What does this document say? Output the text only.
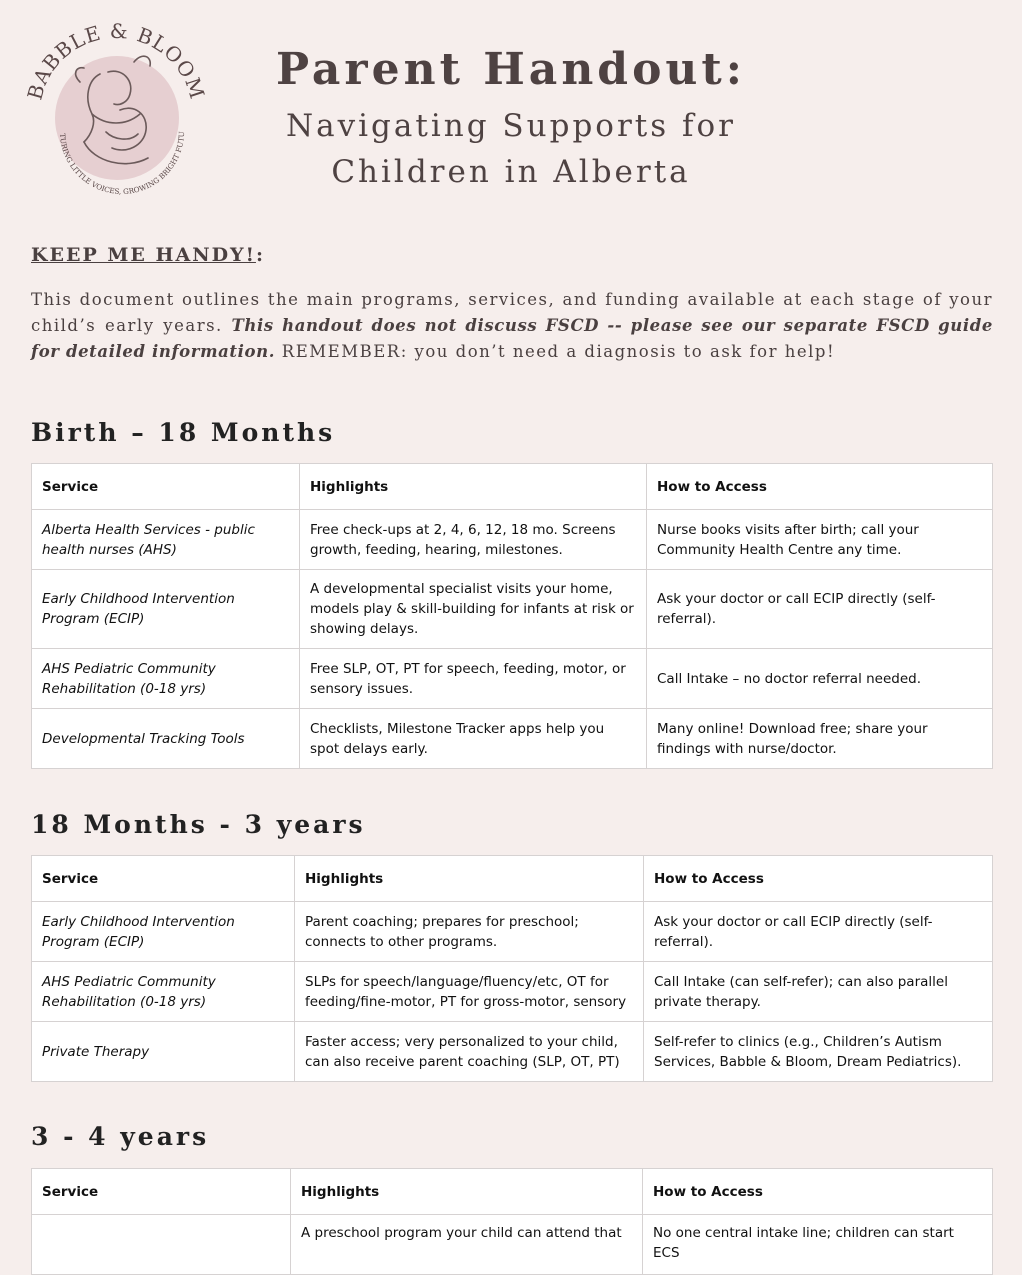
BABBLE & BLOOM
TURING LITTLE VOICES, GROWING BRIGHT FUTU
Parent Handout:
Navigating Supports for
Children in Alberta
KEEP ME HANDY!:
This document outlines the main programs, services, and funding available at each stage of your child’s early years. This handout does not discuss FSCD -- please see our separate FSCD guide for detailed information. REMEMBER: you don’t need a diagnosis to ask for help!
Birth – 18 Months
Service	Highlights	How to Access
Alberta Health Services - public health nurses (AHS)	Free check-ups at 2, 4, 6, 12, 18 mo. Screens growth, feeding, hearing, milestones.	Nurse books visits after birth; call your Community Health Centre any time.
Early Childhood Intervention Program (ECIP)	A developmental specialist visits your home, models play & skill-building for infants at risk or showing delays.	Ask your doctor or call ECIP directly (self-referral).
AHS Pediatric Community Rehabilitation (0-18 yrs)	Free SLP, OT, PT for speech, feeding, motor, or sensory issues.	Call Intake – no doctor referral needed.
Developmental Tracking Tools	Checklists, Milestone Tracker apps help you spot delays early.	Many online! Download free; share your findings with nurse/doctor.
18 Months - 3 years
Service	Highlights	How to Access
Early Childhood Intervention Program (ECIP)	Parent coaching; prepares for preschool; connects to other programs.	Ask your doctor or call ECIP directly (self-referral).
AHS Pediatric Community Rehabilitation (0-18 yrs)	SLPs for speech/language/fluency/etc, OT for feeding/fine-motor, PT for gross-motor, sensory	Call Intake (can self-refer); can also parallel private therapy.
Private Therapy	Faster access; very personalized to your child, can also receive parent coaching (SLP, OT, PT)	Self-refer to clinics (e.g., Children’s Autism Services, Babble & Bloom, Dream Pediatrics).
3 - 4 years
Service	Highlights	How to Access
	A preschool program your child can attend that	No one central intake line; children can start ECS
